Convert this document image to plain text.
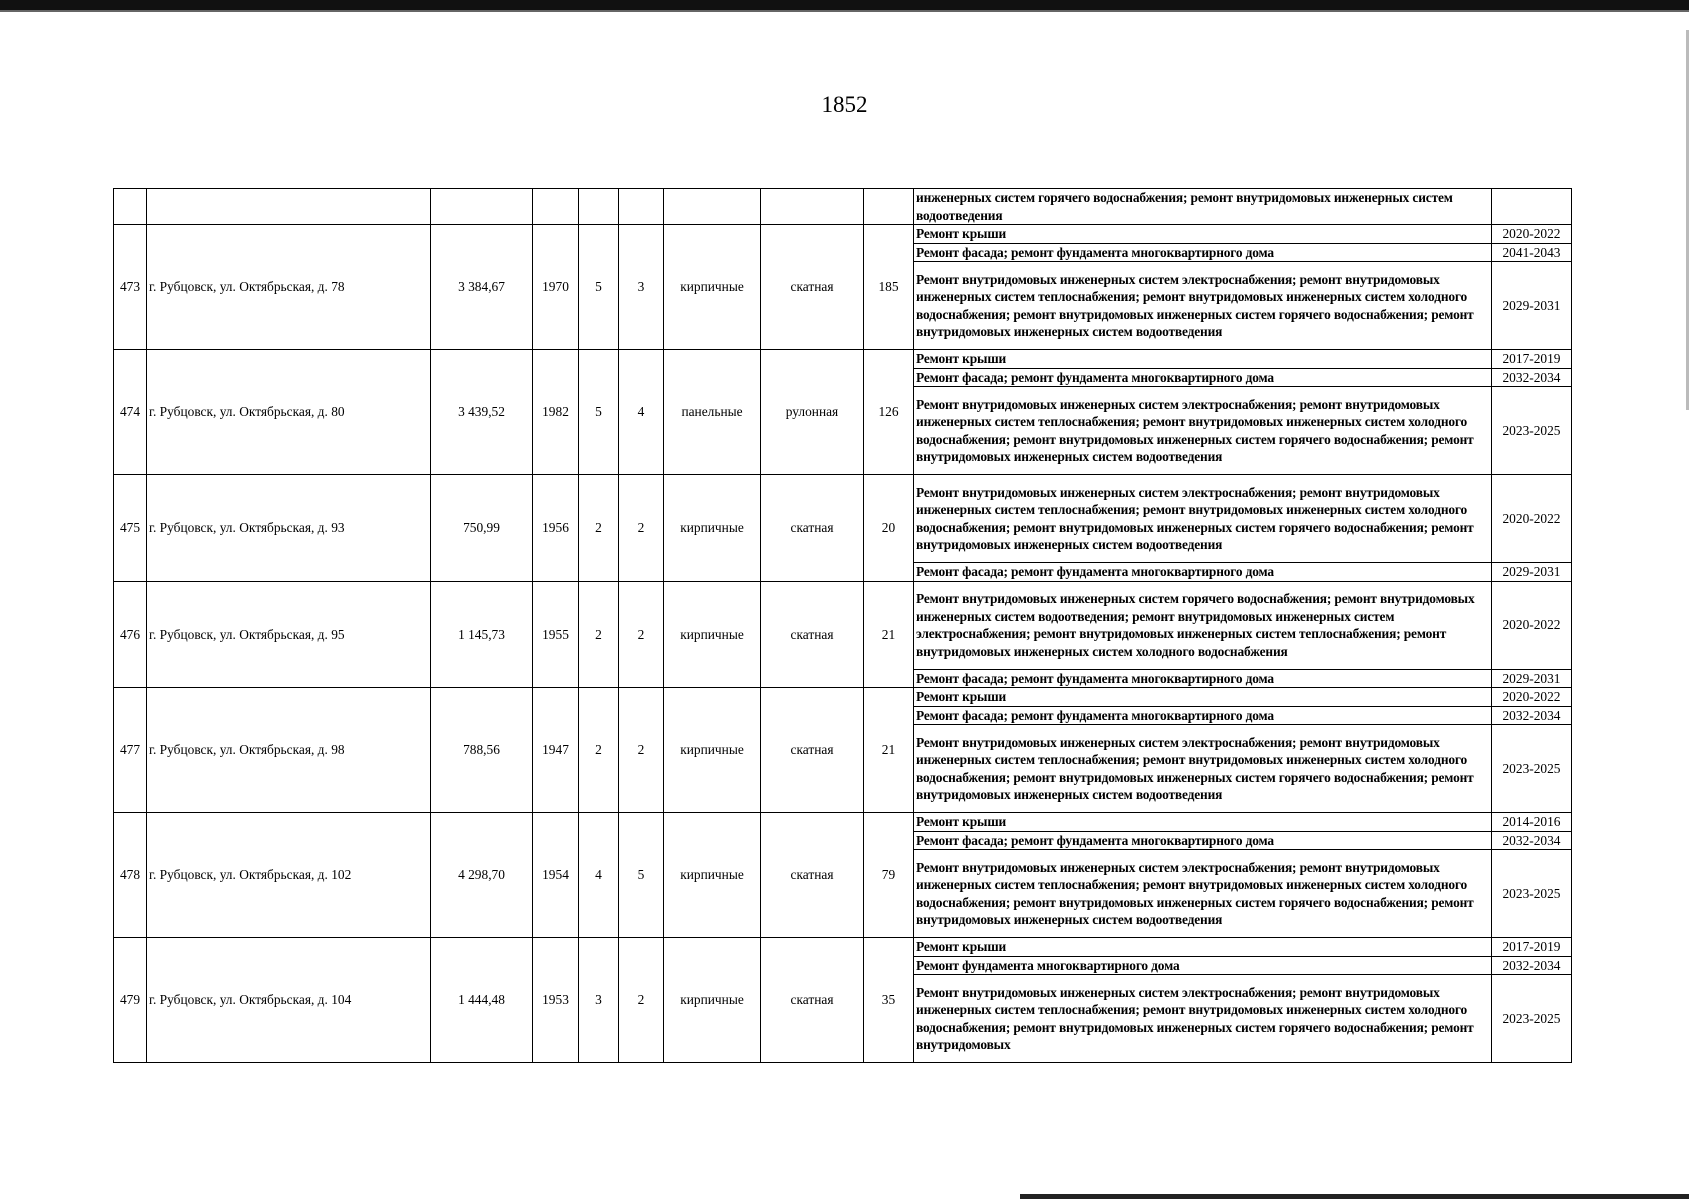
1852
									инженерных систем горячего водоснабжения; ремонт внутридомовых инженерных систем водоотведения	
473	г. Рубцовск, ул. Октябрьская, д. 78	3 384,67	1970	5	3	кирпичные	скатная	185	Ремонт крыши	2020-2022
									Ремонт фасада; ремонт фундамента многоквартирного дома	2041-2043
									Ремонт внутридомовых инженерных систем электроснабжения; ремонт внутридомовых инженерных систем теплоснабжения; ремонт внутридомовых инженерных систем холодного водоснабжения; ремонт внутридомовых инженерных систем горячего водоснабжения; ремонт внутридомовых инженерных систем водоотведения	2029-2031
474	г. Рубцовск, ул. Октябрьская, д. 80	3 439,52	1982	5	4	панельные	рулонная	126	Ремонт крыши	2017-2019
									Ремонт фасада; ремонт фундамента многоквартирного дома	2032-2034
									Ремонт внутридомовых инженерных систем электроснабжения; ремонт внутридомовых инженерных систем теплоснабжения; ремонт внутридомовых инженерных систем холодного водоснабжения; ремонт внутридомовых инженерных систем горячего водоснабжения; ремонт внутридомовых инженерных систем водоотведения	2023-2025
475	г. Рубцовск, ул. Октябрьская, д. 93	750,99	1956	2	2	кирпичные	скатная	20	Ремонт внутридомовых инженерных систем электроснабжения; ремонт внутридомовых инженерных систем теплоснабжения; ремонт внутридомовых инженерных систем холодного водоснабжения; ремонт внутридомовых инженерных систем горячего водоснабжения; ремонт внутридомовых инженерных систем водоотведения	2020-2022
									Ремонт фасада; ремонт фундамента многоквартирного дома	2029-2031
476	г. Рубцовск, ул. Октябрьская, д. 95	1 145,73	1955	2	2	кирпичные	скатная	21	Ремонт внутридомовых инженерных систем горячего водоснабжения; ремонт внутридомовых инженерных систем водоотведения; ремонт внутридомовых инженерных систем электроснабжения; ремонт внутридомовых инженерных систем теплоснабжения; ремонт внутридомовых инженерных систем холодного водоснабжения	2020-2022
									Ремонт фасада; ремонт фундамента многоквартирного дома	2029-2031
477	г. Рубцовск, ул. Октябрьская, д. 98	788,56	1947	2	2	кирпичные	скатная	21	Ремонт крыши	2020-2022
									Ремонт фасада; ремонт фундамента многоквартирного дома	2032-2034
									Ремонт внутридомовых инженерных систем электроснабжения; ремонт внутридомовых инженерных систем теплоснабжения; ремонт внутридомовых инженерных систем холодного водоснабжения; ремонт внутридомовых инженерных систем горячего водоснабжения; ремонт внутридомовых инженерных систем водоотведения	2023-2025
478	г. Рубцовск, ул. Октябрьская, д. 102	4 298,70	1954	4	5	кирпичные	скатная	79	Ремонт крыши	2014-2016
									Ремонт фасада; ремонт фундамента многоквартирного дома	2032-2034
									Ремонт внутридомовых инженерных систем электроснабжения; ремонт внутридомовых инженерных систем теплоснабжения; ремонт внутридомовых инженерных систем холодного водоснабжения; ремонт внутридомовых инженерных систем горячего водоснабжения; ремонт внутридомовых инженерных систем водоотведения	2023-2025
479	г. Рубцовск, ул. Октябрьская, д. 104	1 444,48	1953	3	2	кирпичные	скатная	35	Ремонт крыши	2017-2019
									Ремонт фундамента многоквартирного дома	2032-2034
									Ремонт внутридомовых инженерных систем электроснабжения; ремонт внутридомовых инженерных систем теплоснабжения; ремонт внутридомовых инженерных систем холодного водоснабжения; ремонт внутридомовых инженерных систем горячего водоснабжения; ремонт внутридомовых	2023-2025
